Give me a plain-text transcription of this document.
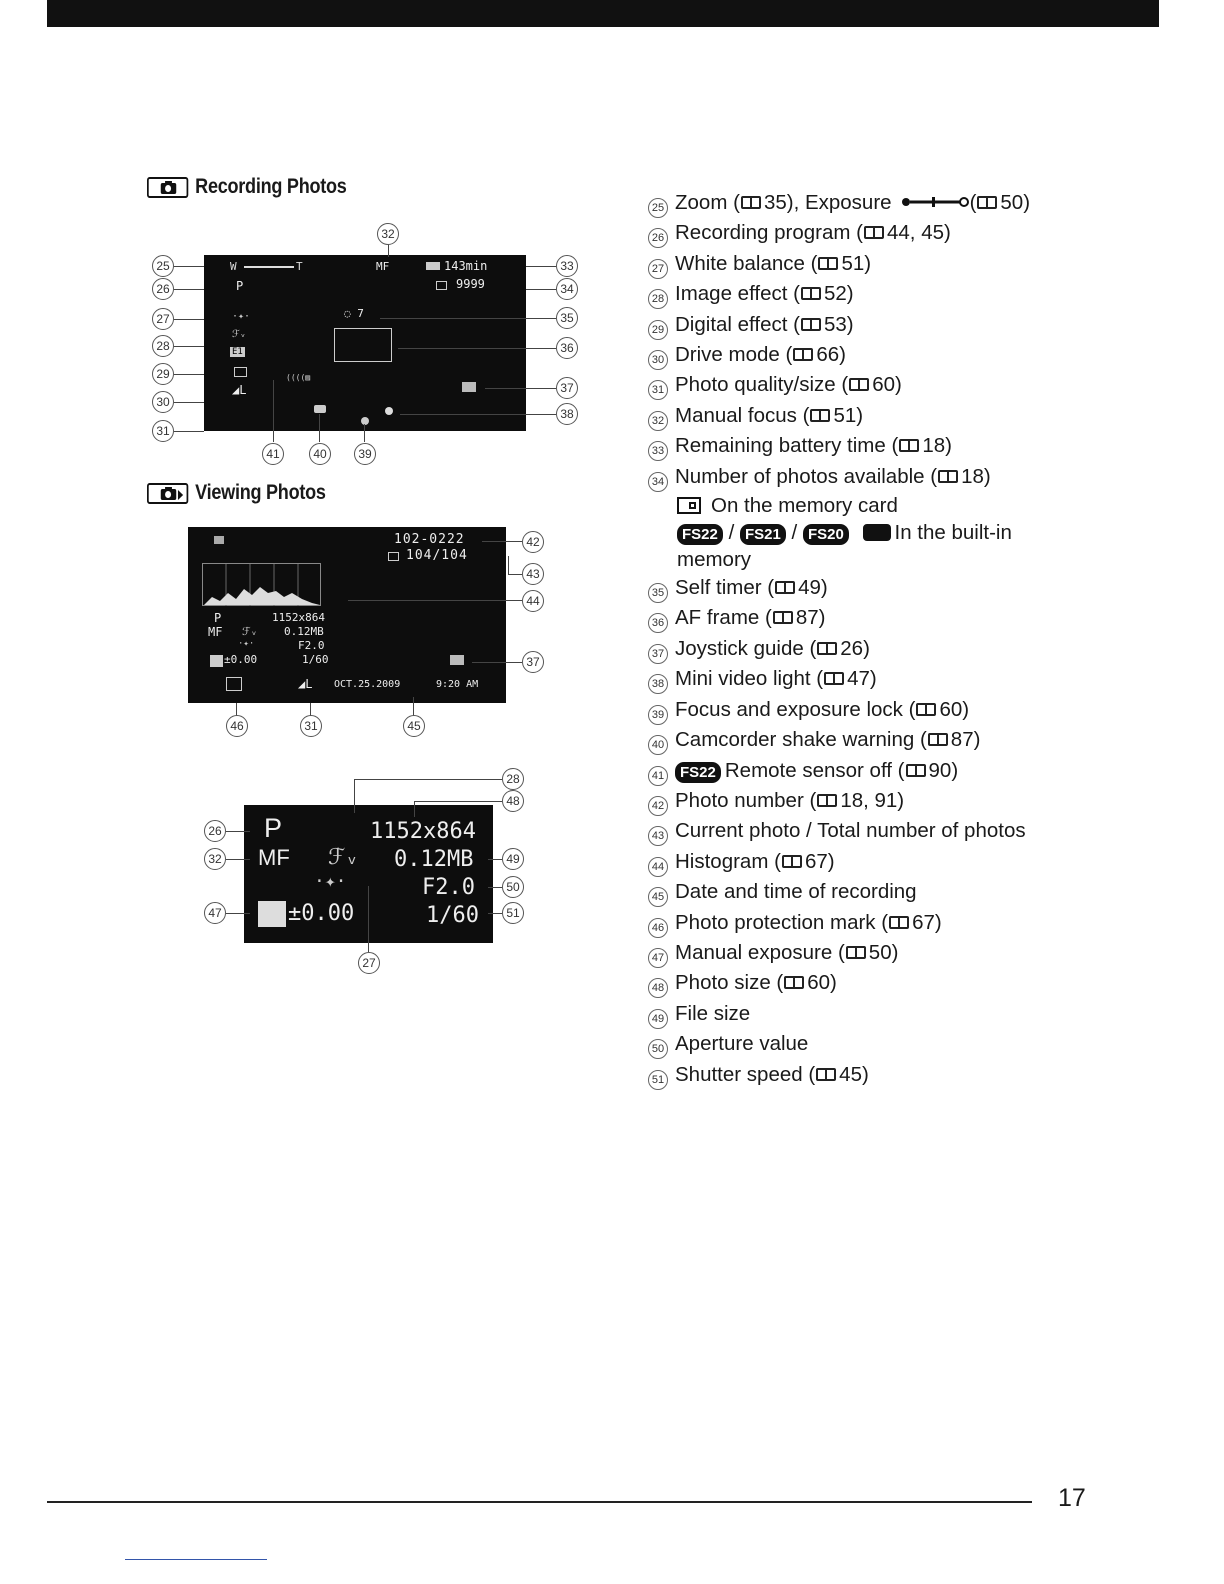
Recording Photos
W	T
P
MF	143min
9999
·✦·
ℱᵥ
E1
◢L
◌ 7
((((▨
25
26
27
28
29
30
31
32
33
34
35
36
37
38
41	40	39
Viewing Photos
102-0222
104/104
P
MF ℱᵥ
·✦·
±0.00
1152x864
0.12MB
F2.0
1/60
◢L OCT.25.2009	9:20 AM
42
43
44
37
46	31	45
P
MF ℱᵥ
·✦·
±0.00
1152x864
0.12MB
F2.0
1/60
28
48
26
32	49
50
47	51
27
25 Zoom ( 35), Exposure	( 50)
26 Recording program ( 44, 45)
27 White balance ( 51)
28 Image effect ( 52)
29 Digital effect ( 53)
30 Drive mode ( 66)
31 Photo quality/size ( 60)
32 Manual focus ( 51)
33 Remaining battery time ( 18)
34 Number of photos available ( 18)
On the memory card
FS22 / FS21 / FS20 In the built-in
memory
35 Self timer ( 49)
36 AF frame ( 87)
37 Joystick guide ( 26)
38 Mini video light ( 47)
39 Focus and exposure lock ( 60)
40 Camcorder shake warning ( 87)
41	FS22 Remote sensor off ( 90)
42 Photo number ( 18, 91)
43 Current photo / Total number of photos
44 Histogram ( 67)
45 Date and time of recording
46 Photo protection mark ( 67)
47 Manual exposure ( 50)
48 Photo size ( 60)
49 File size
50 Aperture value
51 Shutter speed ( 45)
17
